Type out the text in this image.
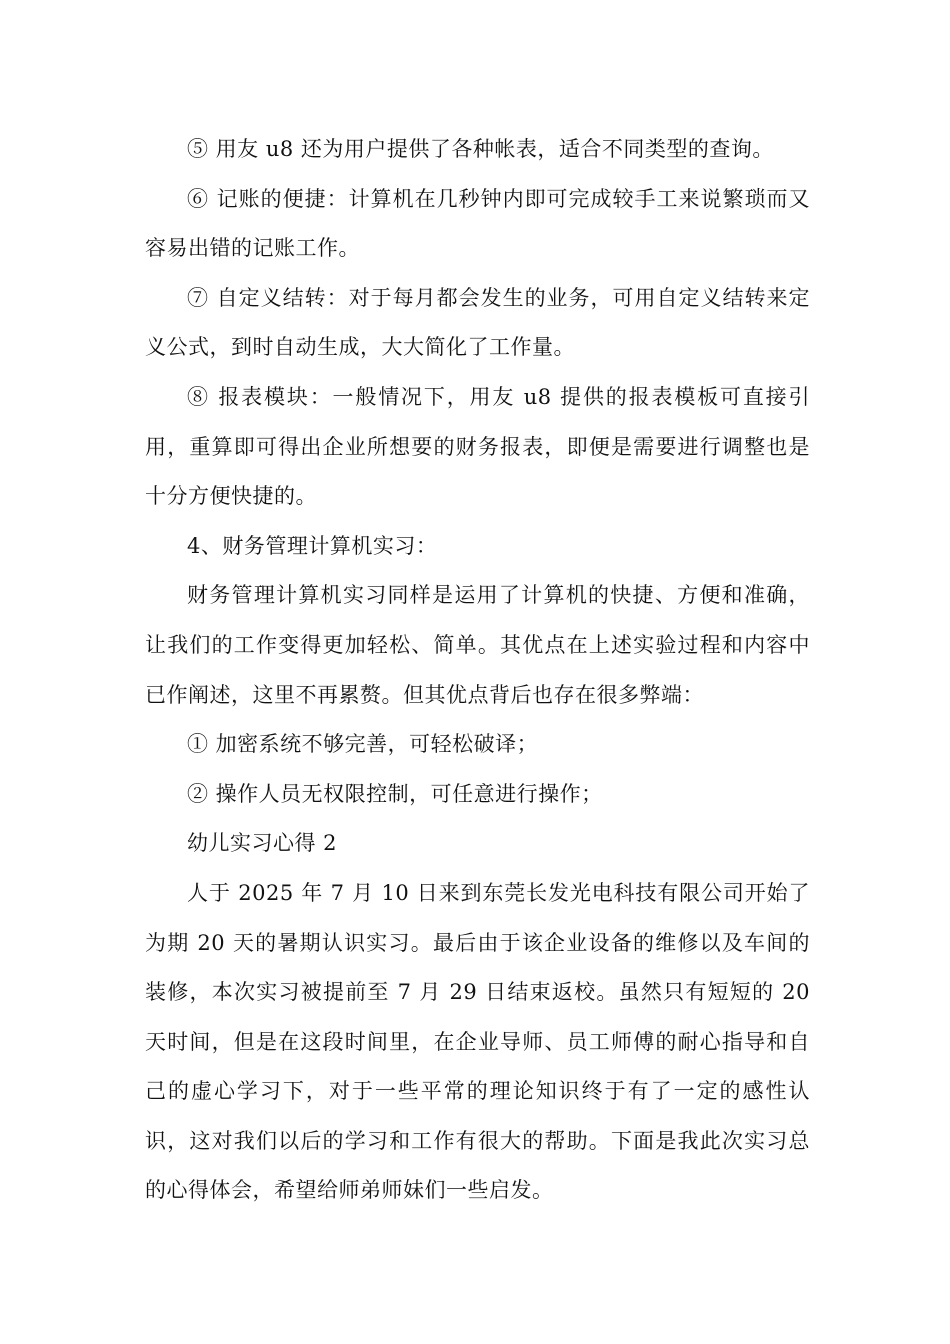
⑤ 用友 u8 还为用户提供了各种帐表，适合不同类型的查询。

⑥ 记账的便捷：计算机在几秒钟内即可完成较手工来说繁琐而又容易出错的记账工作。

⑦ 自定义结转：对于每月都会发生的业务，可用自定义结转来定义公式，到时自动生成，大大简化了工作量。

⑧ 报表模块：一般情况下，用友 u8 提供的报表模板可直接引用，重算即可得出企业所想要的财务报表，即便是需要进行调整也是十分方便快捷的。

4、财务管理计算机实习：

财务管理计算机实习同样是运用了计算机的快捷、方便和准确，让我们的工作变得更加轻松、简单。其优点在上述实验过程和内容中已作阐述，这里不再累赘。但其优点背后也存在很多弊端：

① 加密系统不够完善，可轻松破译；

② 操作人员无权限控制，可任意进行操作；

幼儿实习心得 2

人于 2025 年 7 月 10 日来到东莞长发光电科技有限公司开始了为期 20 天的暑期认识实习。最后由于该企业设备的维修以及车间的装修，本次实习被提前至 7 月 29 日结束返校。虽然只有短短的 20 天时间，但是在这段时间里，在企业导师、员工师傅的耐心指导和自己的虚心学习下，对于一些平常的理论知识终于有了一定的感性认识，这对我们以后的学习和工作有很大的帮助。下面是我此次实习总的心得体会，希望给师弟师妹们一些启发。
